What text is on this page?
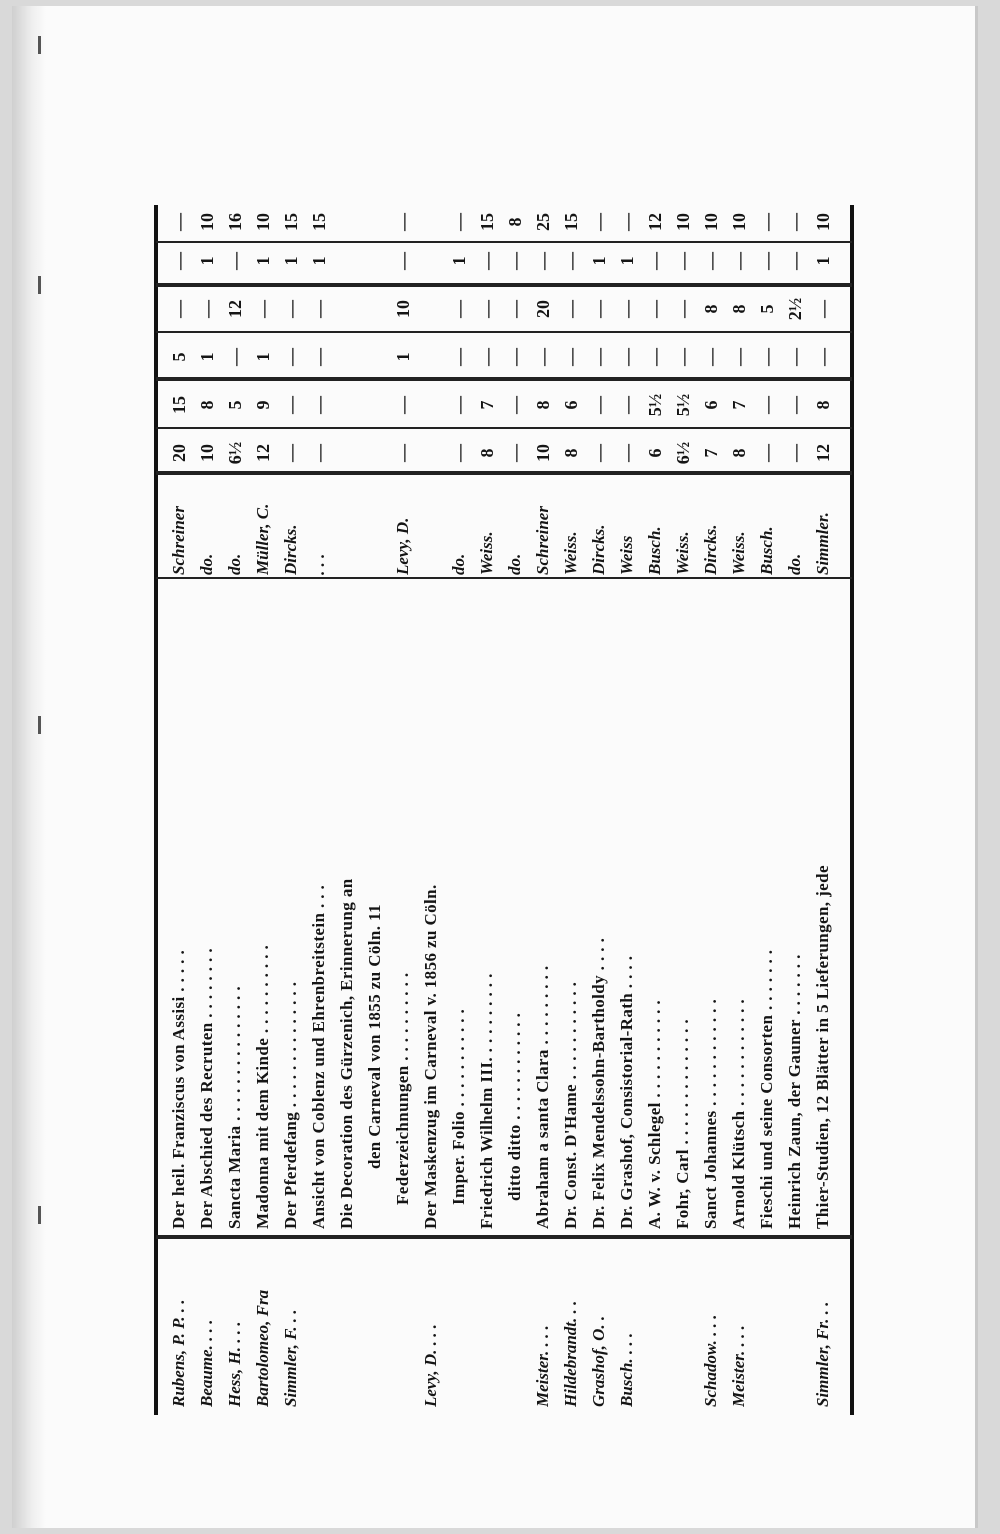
Rubens, P. P. . .
Der heil. Franziscus von Assisi . . . . .
Schreiner
20
15
5
—
—
—
Beaume. . . .
Der Abschied des Recruten . . . . . . . .
do.
10
8
1
—
1
10
Hess, H. . . .
Sancta Maria . . . . . . . . . . . . . . .
do.
6½
5
—
12
—
16
Bartolomeo, Fra
Madonna mit dem Kinde . . . . . . . . . .
Müller, C.
12
9
1
—
1
10
Simmler, F. . .
Der Pferdefang . . . . . . . . . . . . . .
Dircks.
—
—
—
—
1
15
Ansicht von Coblenz und Ehrenbreitstein . . .
. . .
—
—
—
—
1
15
Die Decoration des Gürzenich, Erinnerung an den Carneval von 1855 zu Cöln. 11 Federzeichnungen . . . . . . . . . .
Levy, D.
—
—
1
10
—
—
Levy, D. . . .
Der Maskenzug im Carneval v. 1856 zu Cöln. Imper. Folio . . . . . . . . . . .
do.
—
—
—
—
1
—
Friedrich Wilhelm III. . . . . . . . . .
Weiss.
8
7
—
—
—
15
ditto ditto . . . . . . . . . . . .
do.
—
—
—
—
—
8
Meister. . . .
Abraham a santa Clara . . . . . . . . .
Schreiner
10
8
—
20
—
25
Hildebrandt. . .
Dr. Const. D'Hame . . . . . . . . . . .
Weiss.
8
6
—
—
—
15
Grashof, O. .
Dr. Felix Mendelssohn-Bartholdy . . . .
Dircks.
—
—
—
—
1
—
Busch. . . .
Dr. Grashof, Consistorial-Rath . . . .
Weiss
—
—
—
—
1
—
A. W. v. Schlegel . . . . . . . . . . .
Busch.
6
5½
—
—
—
12
Fohr, Carl . . . . . . . . . . . . . .
Weiss.
6½
5½
—
—
—
10
Schadow. . . .
Sanct Johannes . . . . . . . . . . . .
Dircks.
7
6
—
8
—
10
Meister. . . .
Arnold Klütsch . . . . . . . . . . . .
Weiss.
8
7
—
8
—
10
Fieschi und seine Consorten . . . . . . .
Busch.
—
—
—
5
—
—
Heinrich Zaun, der Gauner . . . . . . .
do.
—
—
—
2½
—
—
Simmler, Fr. . .
Thier-Studien, 12 Blätter in 5 Lieferungen, jede
Simmler.
12
8
—
—
1
10
